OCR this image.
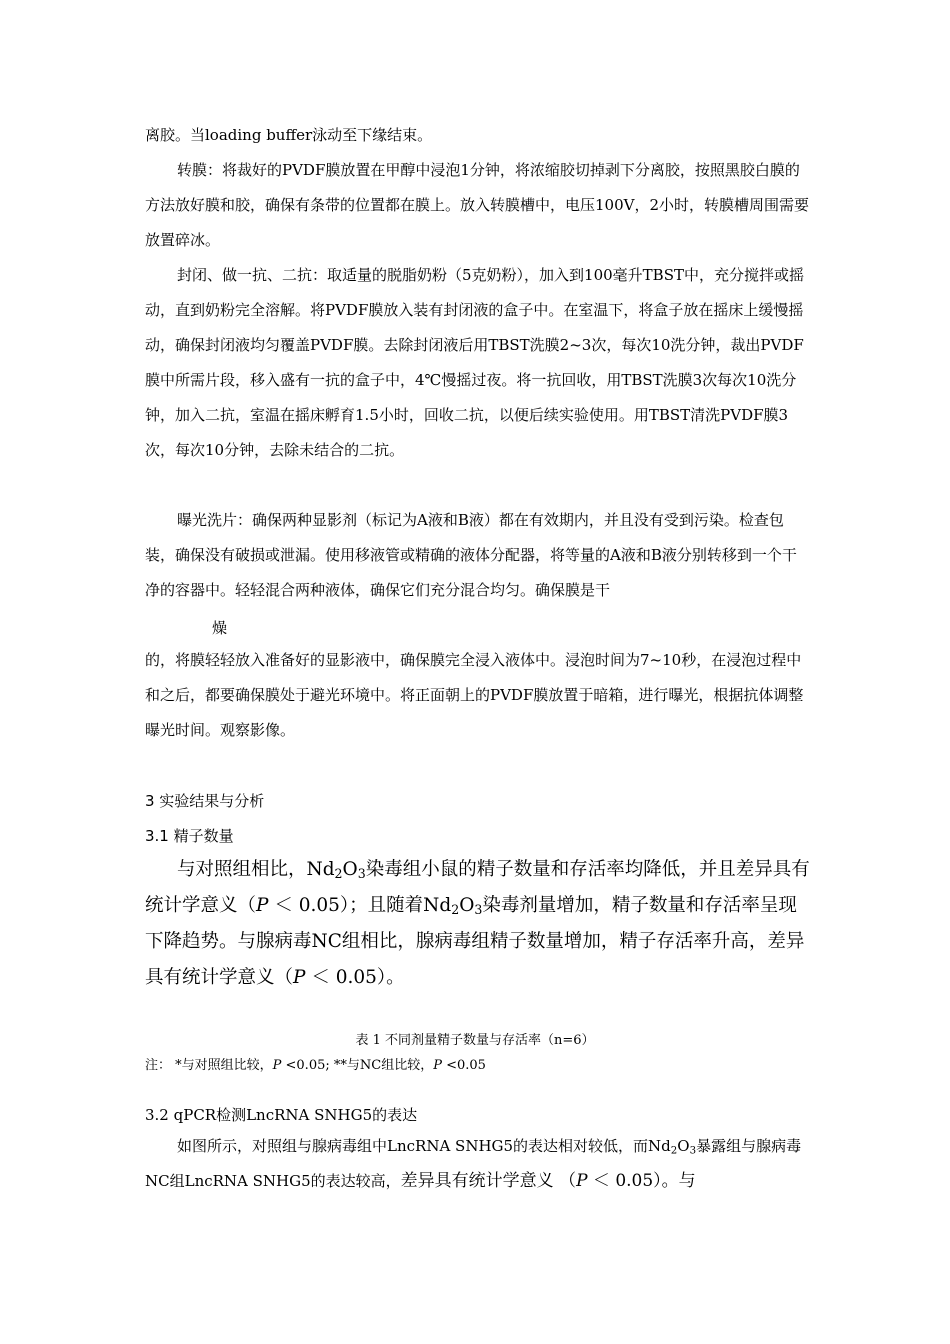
离胶。当loading buffer泳动至下缘结束。

转膜：将裁好的PVDF膜放置在甲醇中浸泡1分钟，将浓缩胶切掉剥下分离胶，按照黑胶白膜的方法放好膜和胶，确保有条带的位置都在膜上。放入转膜槽中，电压100V，2小时，转膜槽周围需要放置碎冰。

封闭、做一抗、二抗：取适量的脱脂奶粉（5克奶粉），加入到100毫升TBST中，充分搅拌或摇动，直到奶粉完全溶解。将PVDF膜放入装有封闭液的盒子中。在室温下，将盒子放在摇床上缓慢摇动，确保封闭液均匀覆盖PVDF膜。去除封闭液后用TBST洗膜2~3次，每次10洗分钟，裁出PVDF膜中所需片段，移入盛有一抗的盒子中，4℃慢摇过夜。将一抗回收，用TBST洗膜3次每次10洗分钟，加入二抗，室温在摇床孵育1.5小时，回收二抗，以便后续实验使用。用TBST清洗PVDF膜3次，每次10分钟，去除未结合的二抗。

曝光洗片：确保两种显影剂（标记为A液和B液）都在有效期内，并且没有受到污染。检查包装，确保没有破损或泄漏。使用移液管或精确的液体分配器，将等量的A液和B液分别转移到一个干净的容器中。轻轻混合两种液体，确保它们充分混合均匀。确保膜是干

燥

的，将膜轻轻放入准备好的显影液中，确保膜完全浸入液体中。浸泡时间为7~10秒，在浸泡过程中和之后，都要确保膜处于避光环境中。将正面朝上的PVDF膜放置于暗箱，进行曝光，根据抗体调整曝光时间。观察影像。

3 实验结果与分析

3.1 精子数量

与对照组相比，$Nd_2O_3$染毒组小鼠的精子数量和存活率均降低，并且差异具有统计学意义（P ＜ 0.05）；且随着$Nd_2O_3$染毒剂量增加，精子数量和存活率呈现下降趋势。与腺病毒NC组相比，腺病毒组精子数量增加，精子存活率升高，差异具有统计学意义（P ＜ 0.05）。

表 1 不同剂量精子数量与存活率（n=6）

注： *与对照组比较，P <0.05; **与NC组比较，P <0.05

3.2 qPCR检测LncRNA SNHG5的表达

如图所示，对照组与腺病毒组中LncRNA SNHG5的表达相对较低，而$Nd_2O_3$暴露组与腺病毒NC组LncRNA SNHG5的表达较高，差异具有统计学意义 （P ＜ 0.05）。与
